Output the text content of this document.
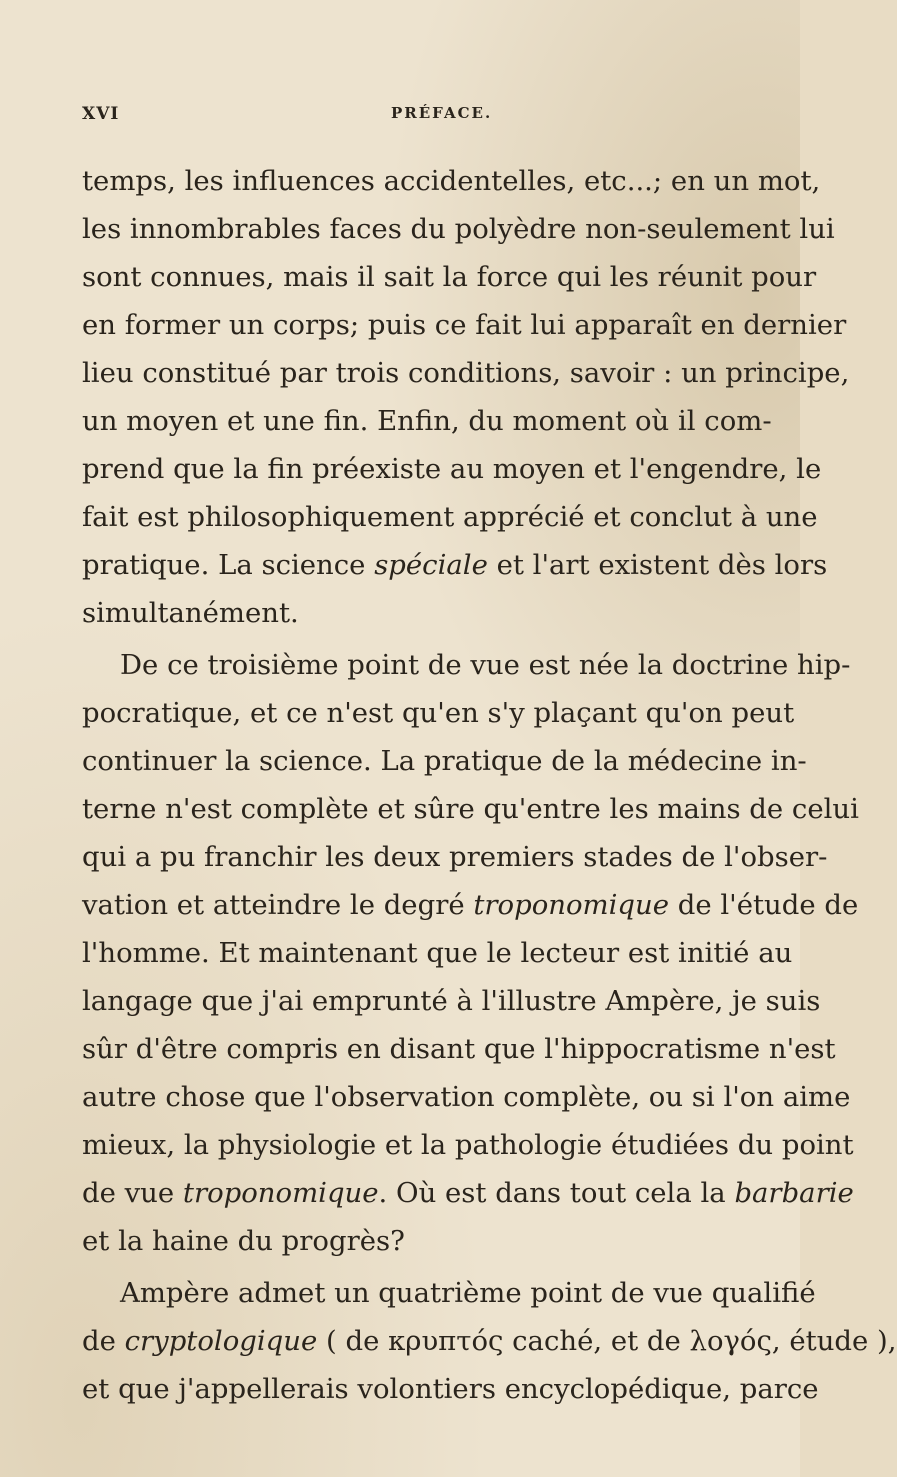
XVI	PRÉFACE.
temps, les influences accidentelles, etc...; en un mot,
les innombrables faces du polyèdre non-seulement lui
sont connues, mais il sait la force qui les réunit pour
en former un corps; puis ce fait lui apparaît en dernier
lieu constitué par trois conditions, savoir : un principe,
un moyen et une fin. Enfin, du moment où il com-
prend que la fin préexiste au moyen et l'engendre, le
fait est philosophiquement apprécié et conclut à une
pratique. La science spéciale et l'art existent dès lors
simultanément.
De ce troisième point de vue est née la doctrine hip-
pocratique, et ce n'est qu'en s'y plaçant qu'on peut
continuer la science. La pratique de la médecine in-
terne n'est complète et sûre qu'entre les mains de celui
qui a pu franchir les deux premiers stades de l'obser-
vation et atteindre le degré troponomique de l'étude de
l'homme. Et maintenant que le lecteur est initié au
langage que j'ai emprunté à l'illustre Ampère, je suis
sûr d'être compris en disant que l'hippocratisme n'est
autre chose que l'observation complète, ou si l'on aime
mieux, la physiologie et la pathologie étudiées du point
de vue troponomique. Où est dans tout cela la barbarie
et la haine du progrès?
Ampère admet un quatrième point de vue qualifié
de cryptologique ( de κρυπτός caché, et de λογός, étude ),
et que j'appellerais volontiers encyclopédique, parce
